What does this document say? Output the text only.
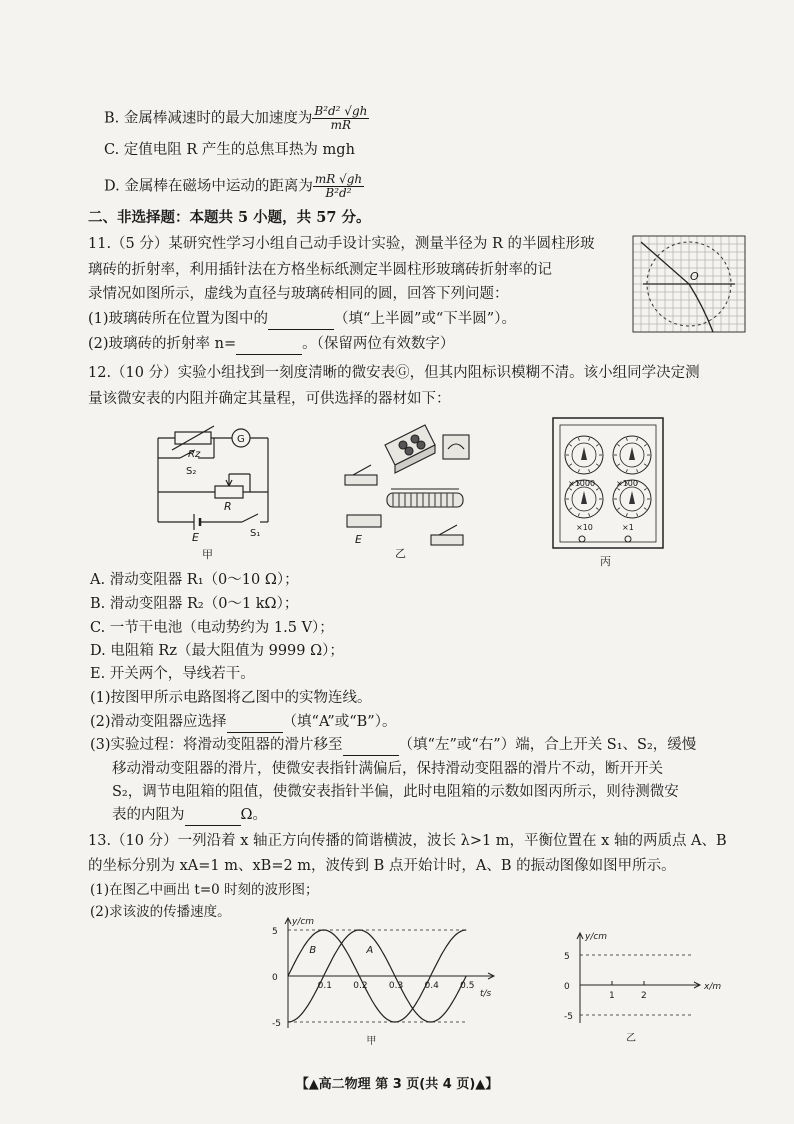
B. 金属棒减速时的最大加速度为 $\frac{\text{B²d² √gh}}{mR}$
C. 定值电阻 R 产生的总焦耳热为 mgh
D. 金属棒在磁场中运动的距离为 $\frac{mR √gh}{\text{B²d²}}$
二、非选择题：本题共 5 小题，共 57 分。
11.（5 分）某研究性学习小组自己动手设计实验，测量半径为 R 的半圆柱形玻
璃砖的折射率，利用插针法在方格坐标纸测定半圆柱形玻璃砖折射率的记
录情况如图所示，虚线为直径与玻璃砖相同的圆，回答下列问题：
(1)玻璃砖所在位置为图中的	（填“上半圆”或“下半圆”）。
(2)玻璃砖的折射率 n=	。（保留两位有效数字）
O
12.（10 分）实验小组找到一刻度清晰的微安表Ⓖ，但其内阻标识模糊不清。该小组同学决定测
量该微安表的内阻并确定其量程，可供选择的器材如下：
Rz
G
S₂
R
E	S₁
甲
E
乙
×1000	×100
×10	×1
丙
A. 滑动变阻器 R₁（0～10 Ω）；
B. 滑动变阻器 R₂（0～1 kΩ）；
C. 一节干电池（电动势约为 1.5 V）；
D. 电阻箱 Rz（最大阻值为 9999 Ω）；
E. 开关两个，导线若干。
(1)按图甲所示电路图将乙图中的实物连线。
(2)滑动变阻器应选择	（填“A”或“B”）。
(3)实验过程：将滑动变阻器的滑片移至	（填“左”或“右”）端，合上开关 S₁、S₂，缓慢
移动滑动变阻器的滑片，使微安表指针满偏后，保持滑动变阻器的滑片不动，断开开关
S₂，调节电阻箱的阻值，使微安表指针半偏，此时电阻箱的示数如图丙所示，则待测微安
表的内阻为	Ω。
13.（10 分）一列沿着 x 轴正方向传播的简谐横波，波长 λ>1 m，平衡位置在 x 轴的两质点 A、B
的坐标分别为 xA=1 m、xB=2 m，波传到 B 点开始计时，A、B 的振动图像如图甲所示。
(1)在图乙中画出 t=0 时刻的波形图；
(2)求该波的传播速度。
B	A
0.1 0.2 0.3 0.4 0.5
5
0
-5
t/s
y/cm
甲
1	2
5
0
-5
x/m
y/cm
乙
【▲高二物理 第 3 页(共 4 页)▲】
